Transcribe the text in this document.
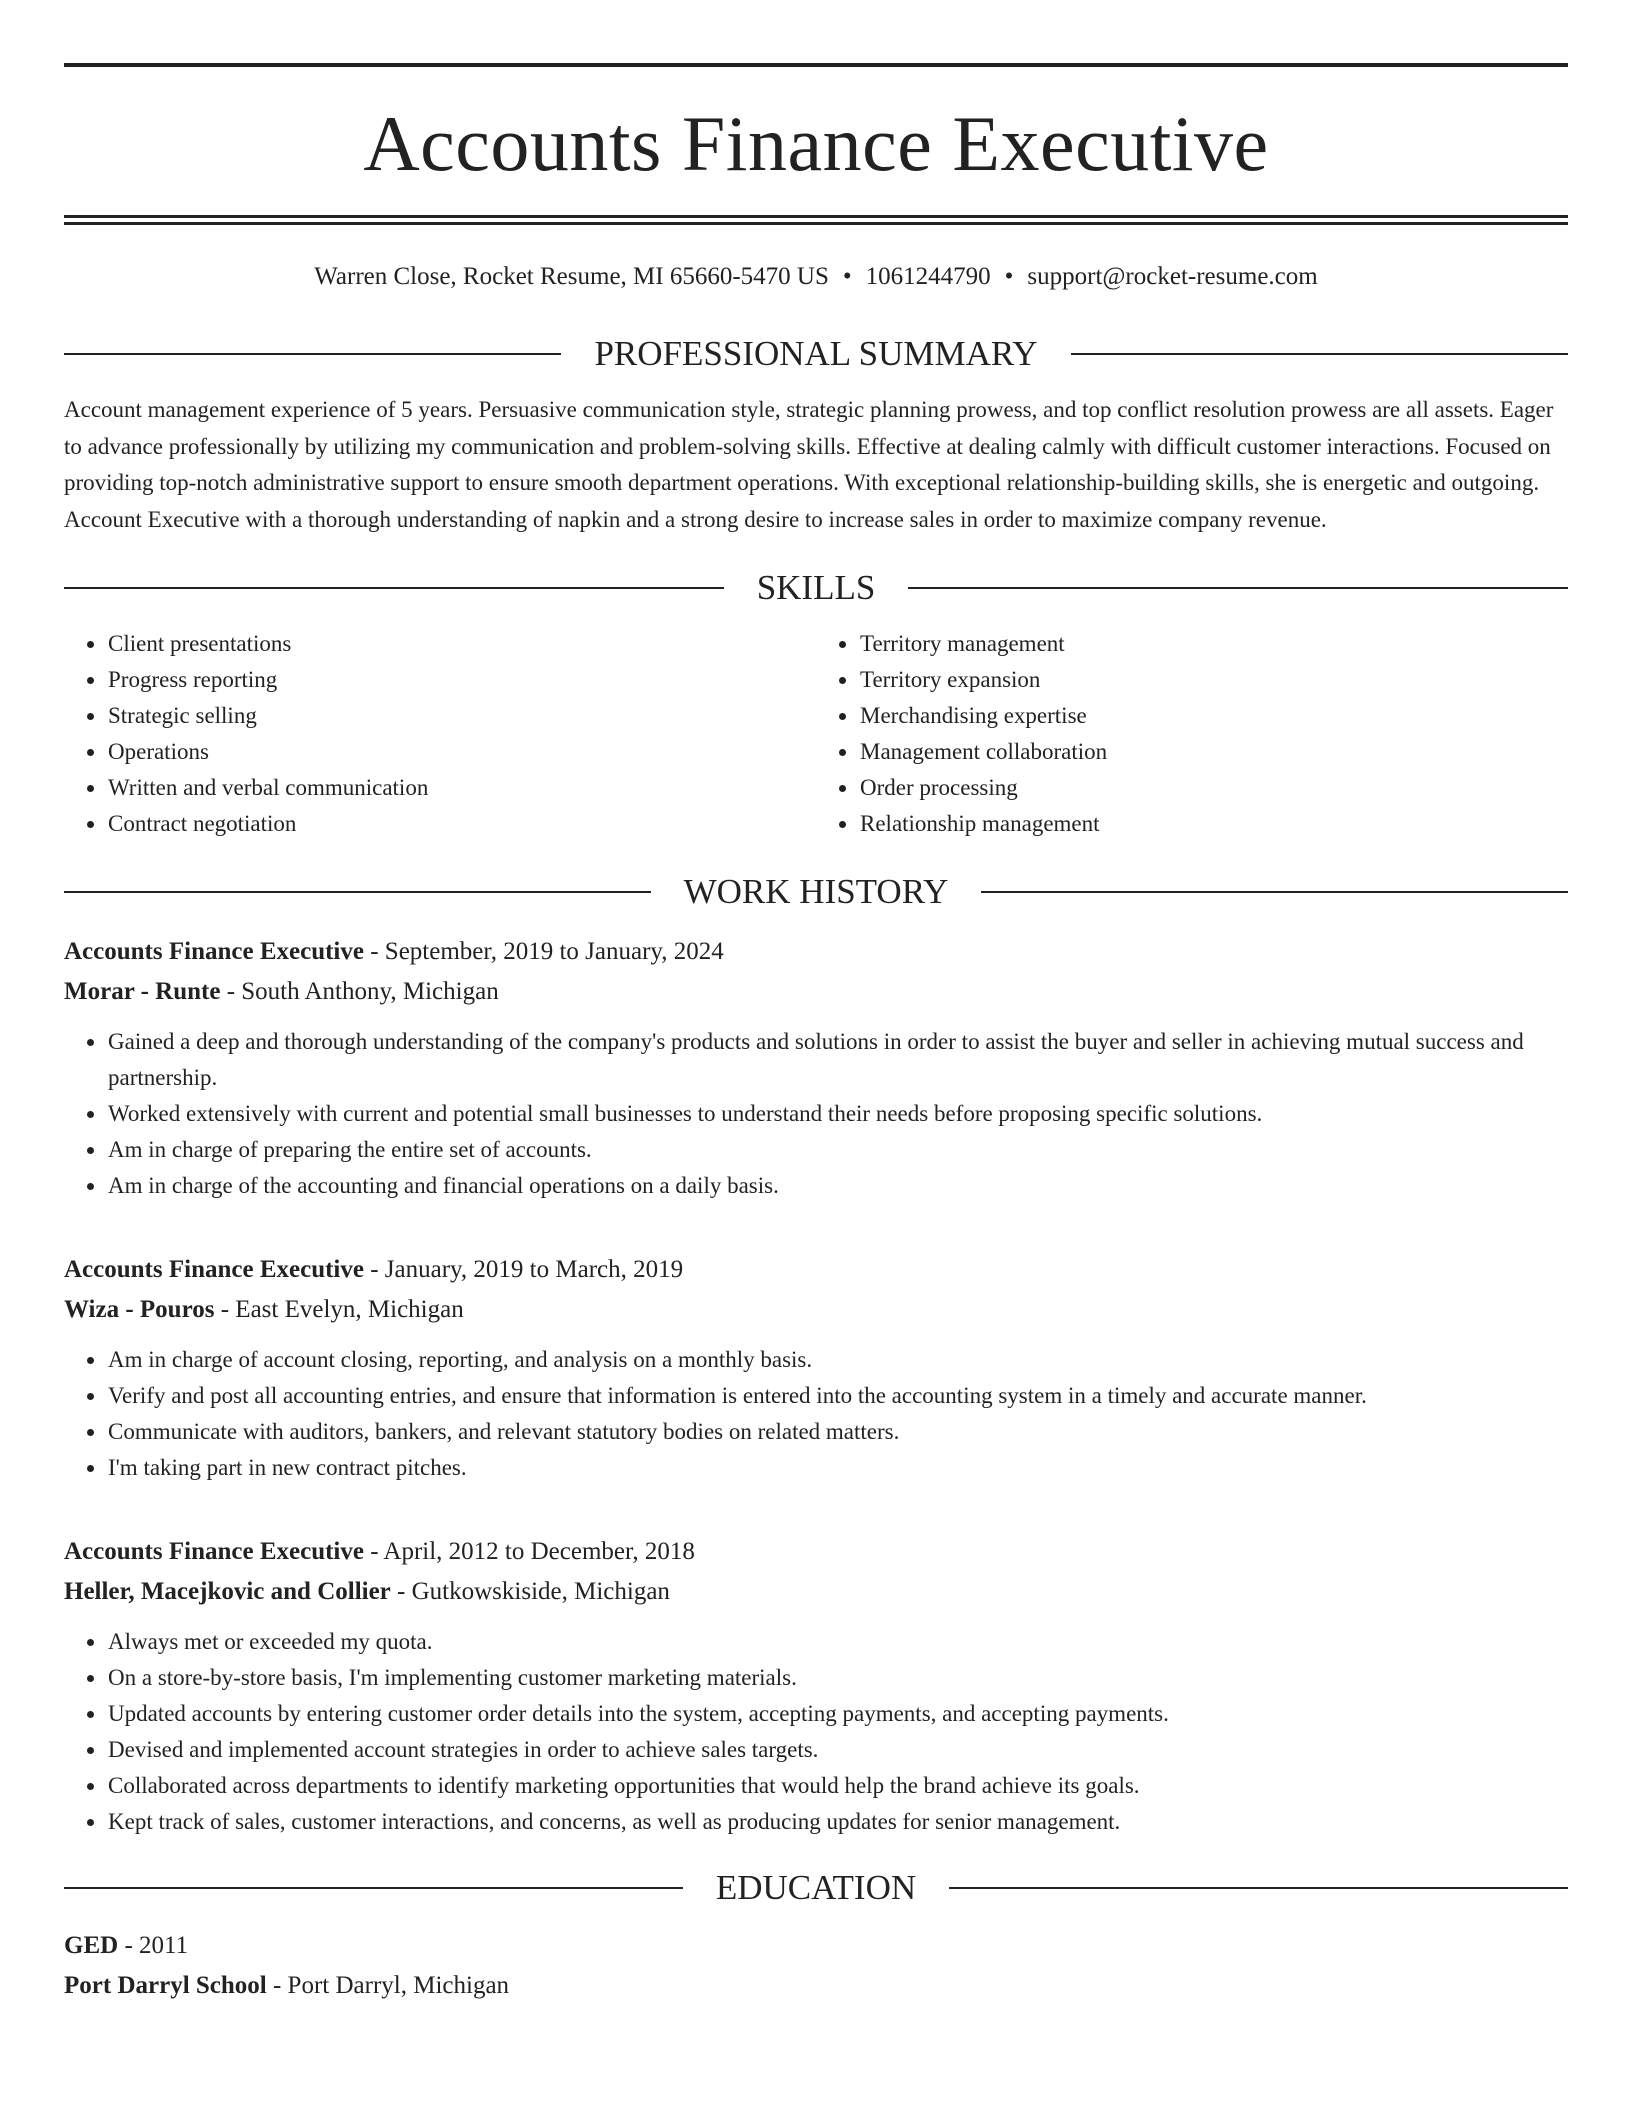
Accounts Finance Executive
Warren Close, Rocket Resume, MI 65660-5470 US • 1061244790 • support@rocket-resume.com
PROFESSIONAL SUMMARY

Account management experience of 5 years. Persuasive communication style, strategic planning prowess, and top conflict resolution prowess are all assets. Eager to advance professionally by utilizing my communication and problem-solving skills. Effective at dealing calmly with difficult customer interactions. Focused on providing top-notch administrative support to ensure smooth department operations. With exceptional relationship-building skills, she is energetic and outgoing. Account Executive with a thorough understanding of napkin and a strong desire to increase sales in order to maximize company revenue.

SKILLS
• Client presentations
• Progress reporting
• Strategic selling
• Operations
• Written and verbal communication
• Contract negotiation
• Territory management
• Territory expansion
• Merchandising expertise
• Management collaboration
• Order processing
• Relationship management
WORK HISTORY
Accounts Finance Executive - September, 2019 to January, 2024
Morar - Runte - South Anthony, Michigan
• Gained a deep and thorough understanding of the company's products and solutions in order to assist the buyer and seller in achieving mutual success and partnership.
• Worked extensively with current and potential small businesses to understand their needs before proposing specific solutions.
• Am in charge of preparing the entire set of accounts.
• Am in charge of the accounting and financial operations on a daily basis.
Accounts Finance Executive - January, 2019 to March, 2019
Wiza - Pouros - East Evelyn, Michigan
• Am in charge of account closing, reporting, and analysis on a monthly basis.
• Verify and post all accounting entries, and ensure that information is entered into the accounting system in a timely and accurate manner.
• Communicate with auditors, bankers, and relevant statutory bodies on related matters.
• I'm taking part in new contract pitches.
Accounts Finance Executive - April, 2012 to December, 2018
Heller, Macejkovic and Collier - Gutkowskiside, Michigan
• Always met or exceeded my quota.
• On a store-by-store basis, I'm implementing customer marketing materials.
• Updated accounts by entering customer order details into the system, accepting payments, and accepting payments.
• Devised and implemented account strategies in order to achieve sales targets.
• Collaborated across departments to identify marketing opportunities that would help the brand achieve its goals.
• Kept track of sales, customer interactions, and concerns, as well as producing updates for senior management.
EDUCATION
GED - 2011
Port Darryl School - Port Darryl, Michigan
